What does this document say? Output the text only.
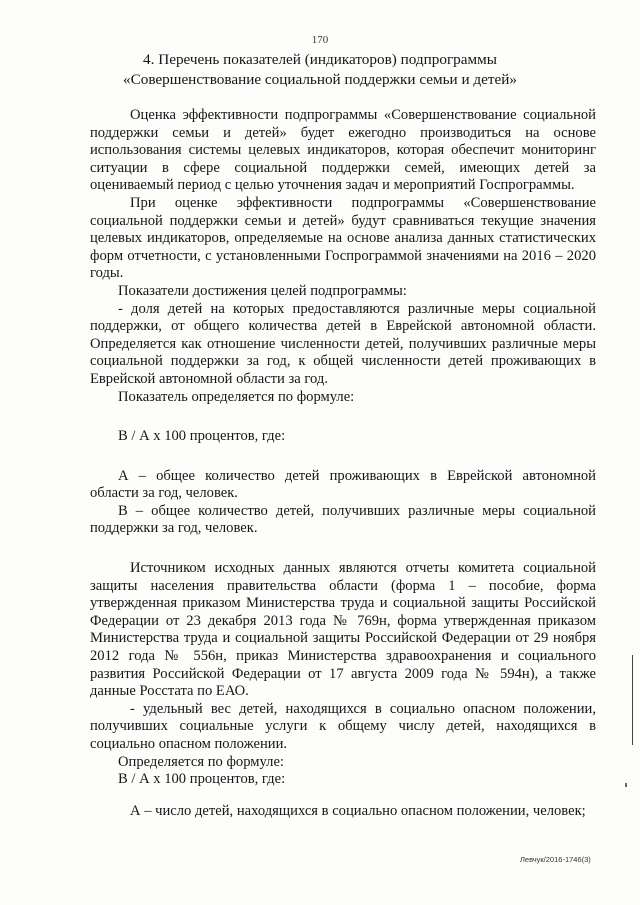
170
4. Перечень показателей (индикаторов) подпрограммы
«Совершенствование социальной поддержки семьи и детей»

Оценка эффективности подпрограммы «Совершенствование социальной поддержки семьи и детей» будет ежегодно производиться на основе использования системы целевых индикаторов, которая обеспечит мониторинг ситуации в сфере социальной поддержки семей, имеющих детей за оцениваемый период с целью уточнения задач и мероприятий Госпрограммы.

При оценке эффективности подпрограммы «Совершенствование социальной поддержки семьи и детей» будут сравниваться текущие значения целевых индикаторов, определяемые на основе анализа данных статистических форм отчетности, с установленными Госпрограммой значениями на 2016 – 2020 годы.

Показатели достижения целей подпрограммы:

- доля детей на которых предоставляются различные меры социальной поддержки, от общего количества детей в Еврейской автономной области. Определяется как отношение численности детей, получивших различные меры социальной поддержки за год, к общей численности детей проживающих в Еврейской автономной области за год.

Показатель определяется по формуле:

В / А х 100 процентов, где:

А – общее количество детей проживающих в Еврейской автономной области за год, человек.

В – общее количество детей, получивших различные меры социальной поддержки за год, человек.

Источником исходных данных являются отчеты комитета социальной защиты населения правительства области (форма 1 – пособие, форма утвержденная приказом Министерства труда и социальной защиты Российской Федерации от 23 декабря 2013 года № 769н, форма утвержденная приказом Министерства труда и социальной защиты Российской Федерации от 29 ноября 2012 года № 556н, приказ Министерства здравоохранения и социального развития Российской Федерации от 17 августа 2009 года № 594н), а также данные Росстата по ЕАО.

- удельный вес детей, находящихся в социально опасном положении, получивших социальные услуги к общему числу детей, находящихся в социально опасном положении.

Определяется по формуле:

В / А х 100 процентов, где:

А – число детей, находящихся в социально опасном положении, человек;

Левчук/2016-1746(3)
